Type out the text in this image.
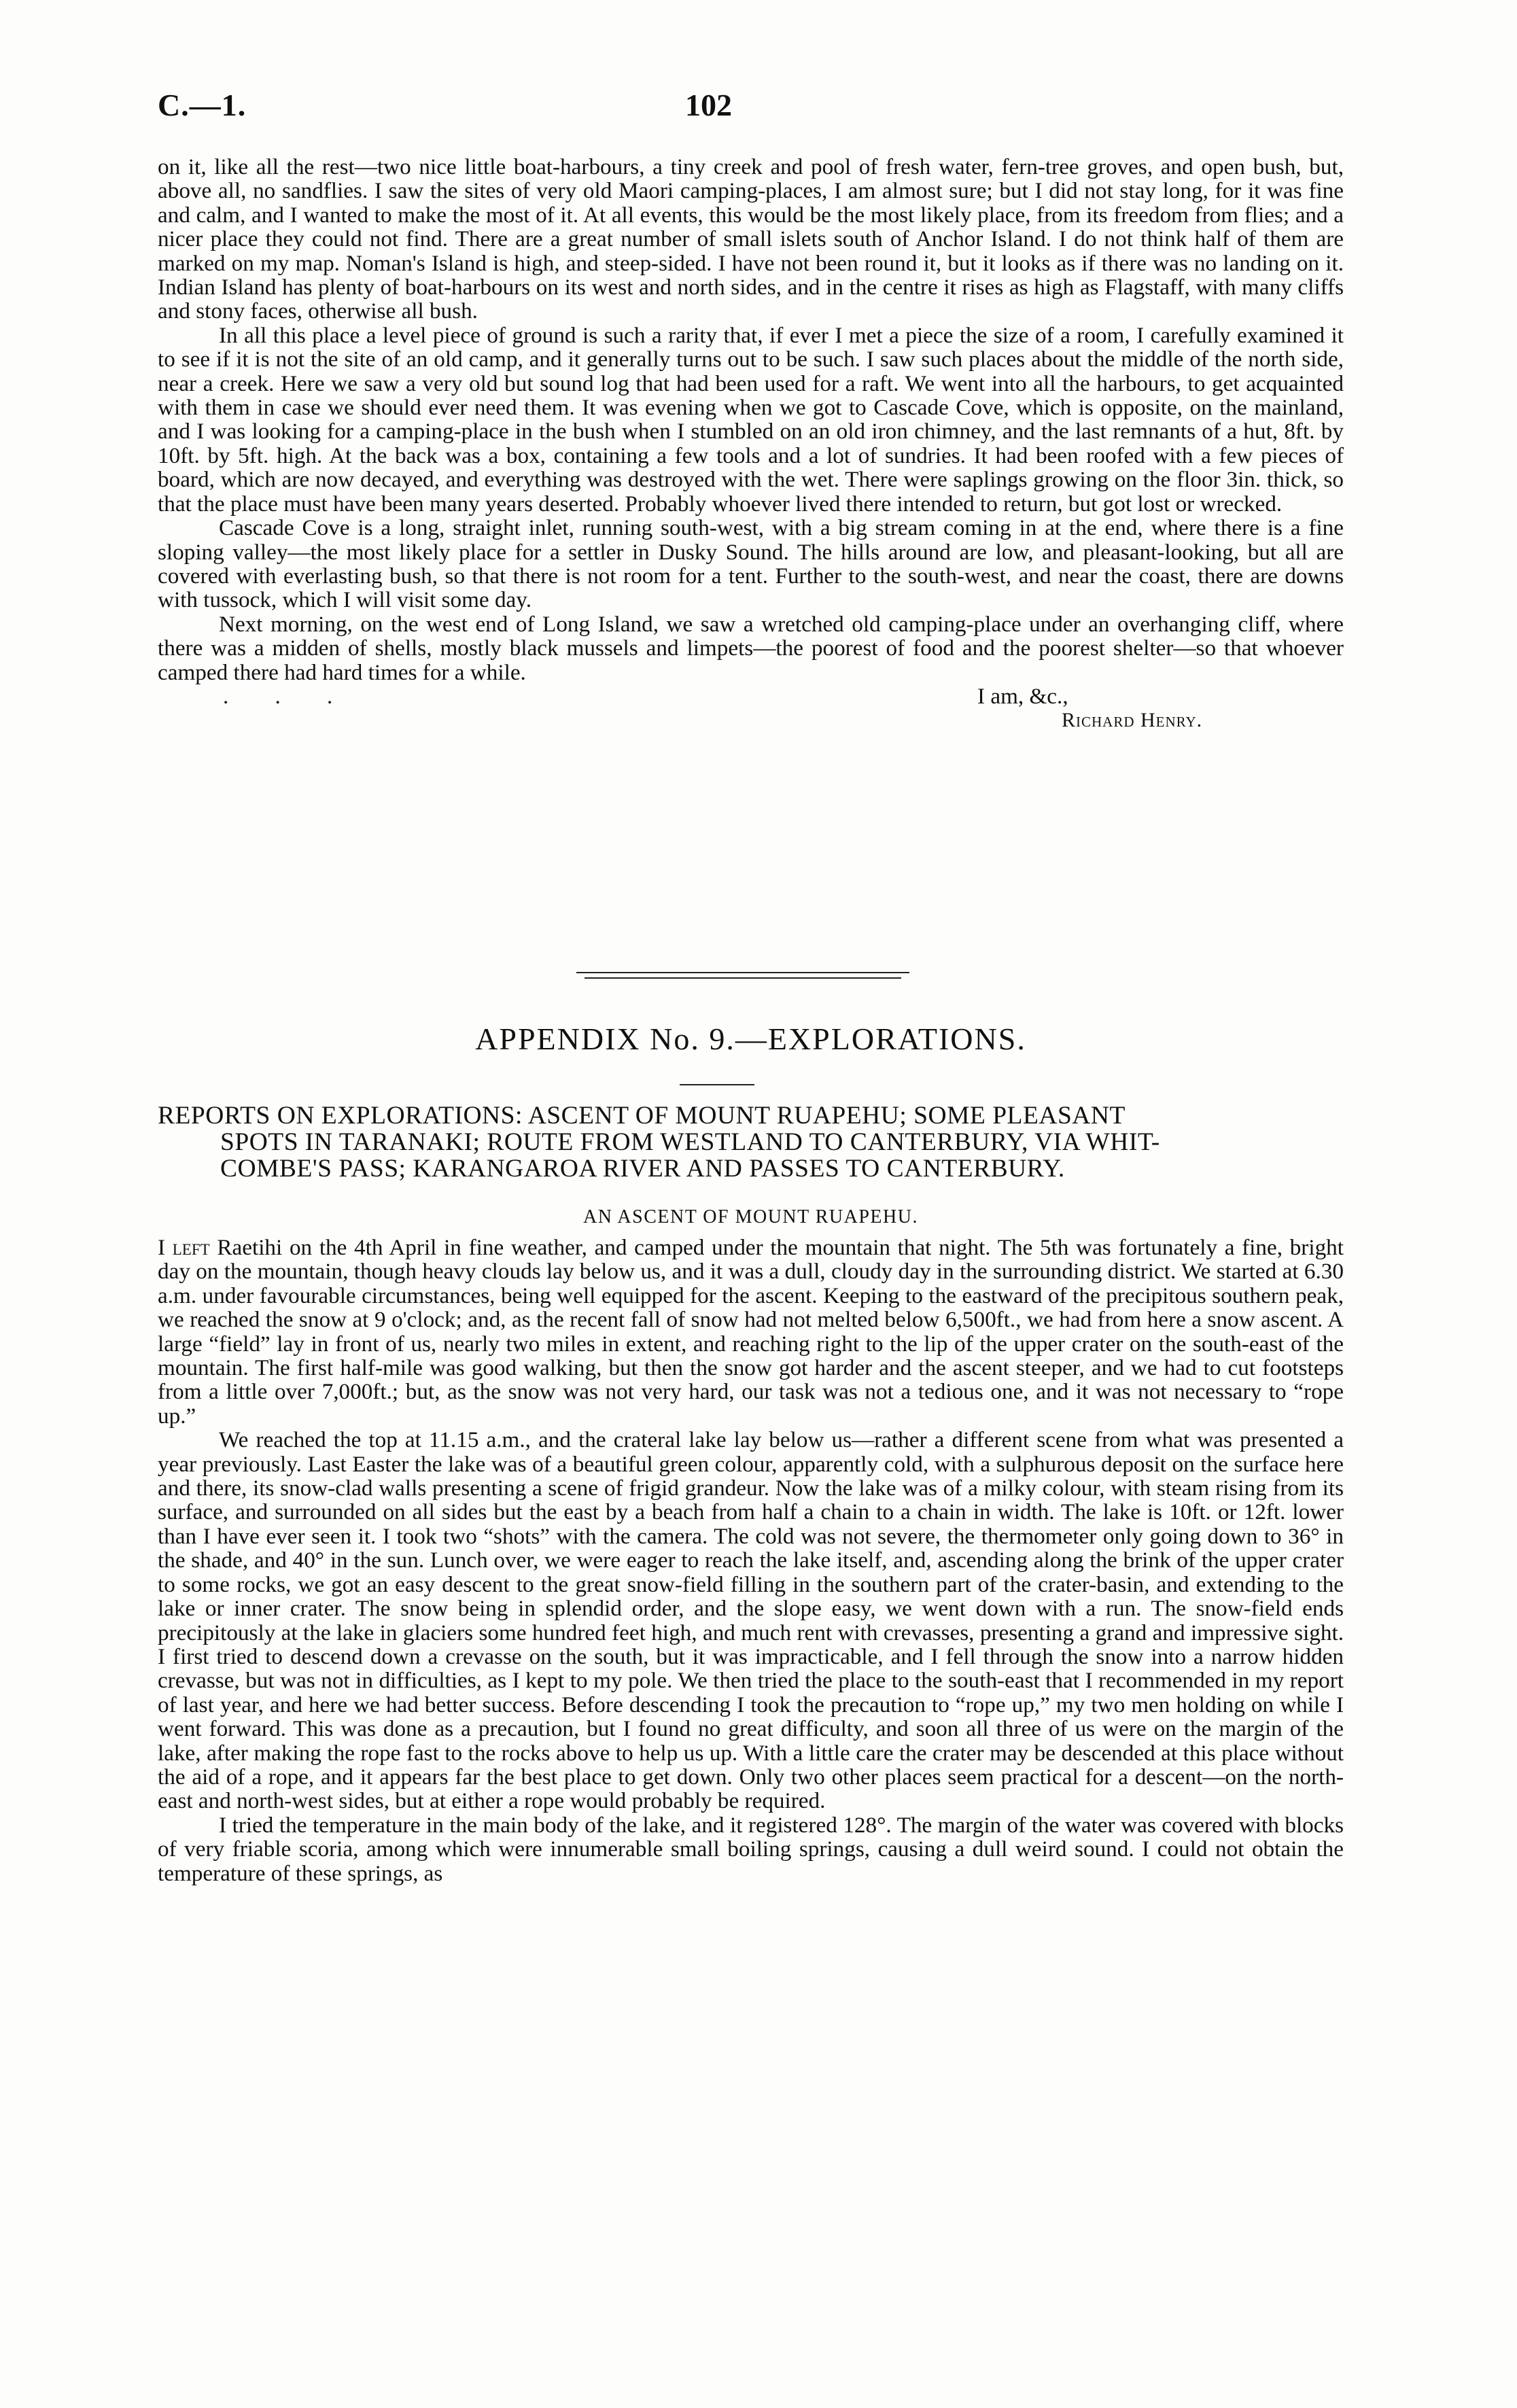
C.—1.	102

on it, like all the rest—two nice little boat-harbours, a tiny creek and pool of fresh water, fern-tree groves, and open bush, but, above all, no sandflies. I saw the sites of very old Maori camping-places, I am almost sure; but I did not stay long, for it was fine and calm, and I wanted to make the most of it. At all events, this would be the most likely place, from its freedom from flies; and a nicer place they could not find. There are a great number of small islets south of Anchor Island. I do not think half of them are marked on my map. Noman's Island is high, and steep-sided. I have not been round it, but it looks as if there was no landing on it. Indian Island has plenty of boat-harbours on its west and north sides, and in the centre it rises as high as Flagstaff, with many cliffs and stony faces, otherwise all bush.

In all this place a level piece of ground is such a rarity that, if ever I met a piece the size of a room, I carefully examined it to see if it is not the site of an old camp, and it generally turns out to be such. I saw such places about the middle of the north side, near a creek. Here we saw a very old but sound log that had been used for a raft. We went into all the harbours, to get acquainted with them in case we should ever need them. It was evening when we got to Cascade Cove, which is opposite, on the mainland, and I was looking for a camping-place in the bush when I stumbled on an old iron chimney, and the last remnants of a hut, 8ft. by 10ft. by 5ft. high. At the back was a box, containing a few tools and a lot of sundries. It had been roofed with a few pieces of board, which are now decayed, and everything was destroyed with the wet. There were saplings growing on the floor 3in. thick, so that the place must have been many years deserted. Probably whoever lived there intended to return, but got lost or wrecked.

Cascade Cove is a long, straight inlet, running south-west, with a big stream coming in at the end, where there is a fine sloping valley—the most likely place for a settler in Dusky Sound. The hills around are low, and pleasant-looking, but all are covered with everlasting bush, so that there is not room for a tent. Further to the south-west, and near the coast, there are downs with tussock, which I will visit some day.

Next morning, on the west end of Long Island, we saw a wretched old camping-place under an overhanging cliff, where there was a midden of shells, mostly black mussels and limpets—the poorest of food and the poorest shelter—so that whoever camped there had hard times for a while.

. . .	I am, &c.,

Richard Henry.

APPENDIX No. 9.—EXPLORATIONS.
REPORTS ON EXPLORATIONS: ASCENT OF MOUNT RUAPEHU; SOME PLEASANT
SPOTS IN TARANAKI; ROUTE FROM WESTLAND TO CANTERBURY, VIA WHIT-
COMBE'S PASS; KARANGAROA RIVER AND PASSES TO CANTERBURY.
AN ASCENT OF MOUNT RUAPEHU.

I left Raetihi on the 4th April in fine weather, and camped under the mountain that night. The 5th was fortunately a fine, bright day on the mountain, though heavy clouds lay below us, and it was a dull, cloudy day in the surrounding district. We started at 6.30 a.m. under favourable circumstances, being well equipped for the ascent. Keeping to the eastward of the precipitous southern peak, we reached the snow at 9 o'clock; and, as the recent fall of snow had not melted below 6,500ft., we had from here a snow ascent. A large “field” lay in front of us, nearly two miles in extent, and reaching right to the lip of the upper crater on the south-east of the mountain. The first half-mile was good walking, but then the snow got harder and the ascent steeper, and we had to cut footsteps from a little over 7,000ft.; but, as the snow was not very hard, our task was not a tedious one, and it was not necessary to “rope up.”

We reached the top at 11.15 a.m., and the crateral lake lay below us—rather a different scene from what was presented a year previously. Last Easter the lake was of a beautiful green colour, apparently cold, with a sulphurous deposit on the surface here and there, its snow-clad walls presenting a scene of frigid grandeur. Now the lake was of a milky colour, with steam rising from its surface, and surrounded on all sides but the east by a beach from half a chain to a chain in width. The lake is 10ft. or 12ft. lower than I have ever seen it. I took two “shots” with the camera. The cold was not severe, the thermometer only going down to 36° in the shade, and 40° in the sun. Lunch over, we were eager to reach the lake itself, and, ascending along the brink of the upper crater to some rocks, we got an easy descent to the great snow-field filling in the southern part of the crater-basin, and extending to the lake or inner crater. The snow being in splendid order, and the slope easy, we went down with a run. The snow-field ends precipitously at the lake in glaciers some hundred feet high, and much rent with crevasses, presenting a grand and impressive sight. I first tried to descend down a crevasse on the south, but it was impracticable, and I fell through the snow into a narrow hidden crevasse, but was not in difficulties, as I kept to my pole. We then tried the place to the south-east that I recommended in my report of last year, and here we had better success. Before descending I took the precaution to “rope up,” my two men holding on while I went forward. This was done as a precaution, but I found no great difficulty, and soon all three of us were on the margin of the lake, after making the rope fast to the rocks above to help us up. With a little care the crater may be descended at this place without the aid of a rope, and it appears far the best place to get down. Only two other places seem practical for a descent—on the north-east and north-west sides, but at either a rope would probably be required.

I tried the temperature in the main body of the lake, and it registered 128°. The margin of the water was covered with blocks of very friable scoria, among which were innumerable small boiling springs, causing a dull weird sound. I could not obtain the temperature of these springs, as
